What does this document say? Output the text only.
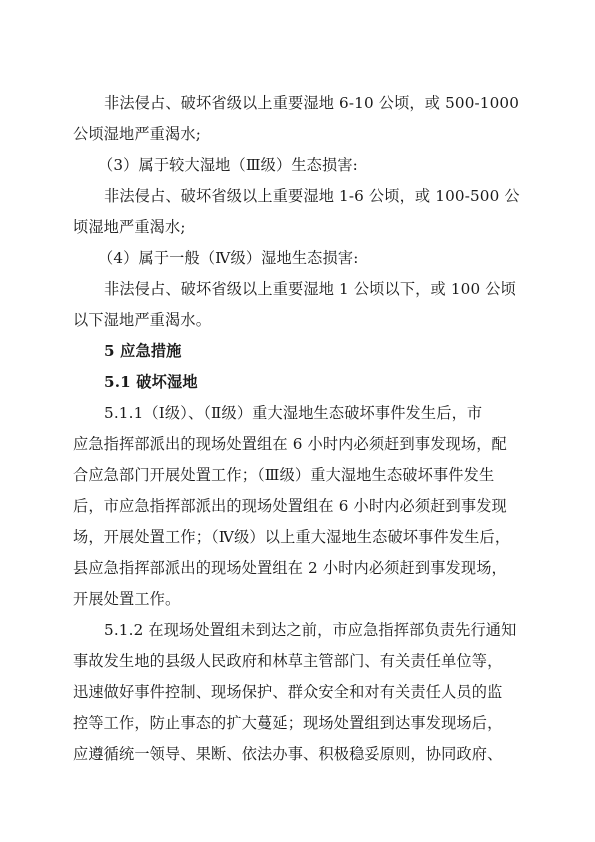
非法侵占、破坏省级以上重要湿地 6-10 公顷，或 500-1000
公顷湿地严重渴水;
（3）属于较大湿地（Ⅲ级）生态损害:
非法侵占、破坏省级以上重要湿地 1-6 公顷，或 100-500 公
顷湿地严重渴水;
（4）属于一般（Ⅳ级）湿地生态损害:
非法侵占、破坏省级以上重要湿地 1 公顷以下，或 100 公顷
以下湿地严重渴水。
5 应急措施
5.1 破坏湿地
5.1.1（Ⅰ级）、（Ⅱ级）重大湿地生态破坏事件发生后，市
应急指挥部派出的现场处置组在 6 小时内必须赶到事发现场，配
合应急部门开展处置工作；（Ⅲ级）重大湿地生态破坏事件发生
后，市应急指挥部派出的现场处置组在 6 小时内必须赶到事发现
场，开展处置工作；（Ⅳ级）以上重大湿地生态破坏事件发生后，
县应急指挥部派出的现场处置组在 2 小时内必须赶到事发现场，
开展处置工作。
5.1.2 在现场处置组未到达之前，市应急指挥部负责先行通知
事故发生地的县级人民政府和林草主管部门、有关责任单位等，
迅速做好事件控制、现场保护、群众安全和对有关责任人员的监
控等工作，防止事态的扩大蔓延；现场处置组到达事发现场后，
应遵循统一领导、果断、依法办事、积极稳妥原则，协同政府、
